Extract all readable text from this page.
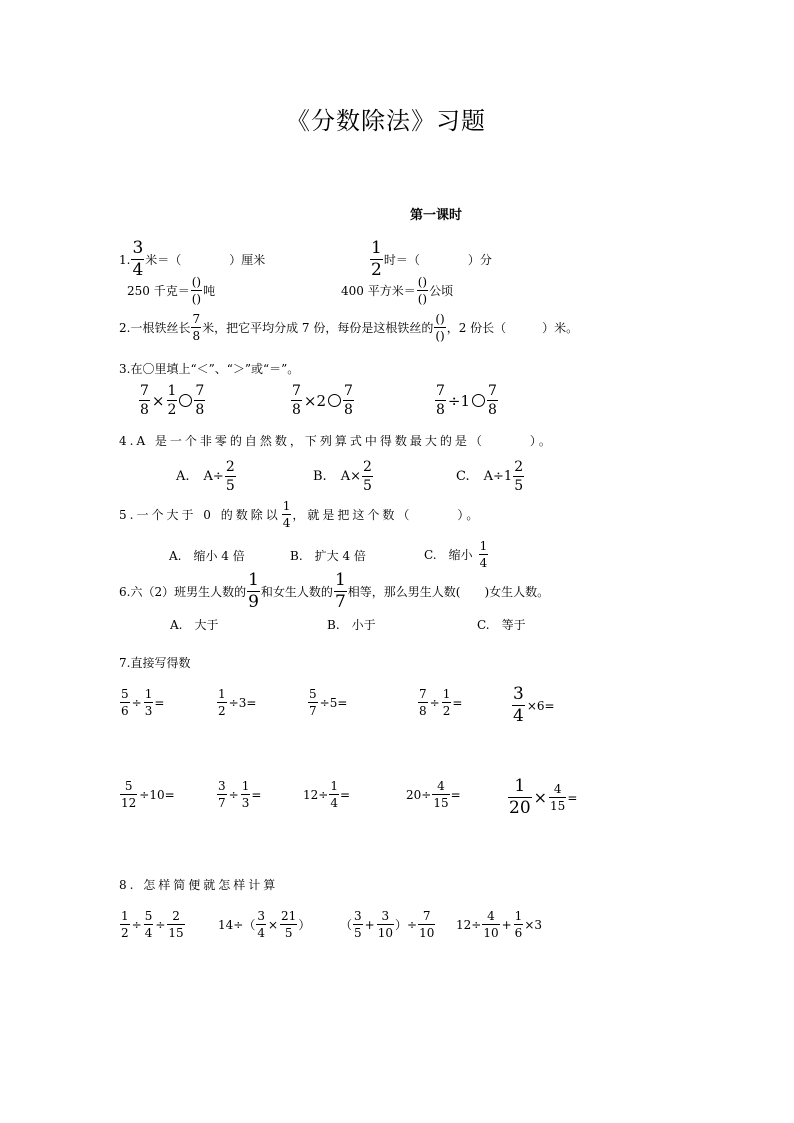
《分数除法》习题
第一课时
1. $\frac{3}{4}$ 米＝（　　　　）厘米	$\frac{1}{2}$ 时＝（　　　　）分
250 千克＝ $\frac{()}{()}$ 吨	400 平方米＝ $\frac{()}{()}$ 公顷
2.一根铁丝长 $\frac{7}{8}$ 米，把它平均分成 7 份，每份是这根铁丝的 $\frac{()}{()}$ ，2 份长（　　　）米。
3.在〇里填上“＜”、“＞”或“＝”。
$\frac{7}{8} \times \frac{1}{2} \frac{7}{8}$	$\frac{7}{8} \times 2 \frac{7}{8}$	$\frac{7}{8} \div 1 \frac{7}{8}$
4.A 是一个非零的自然数，下列算式中得数最大的是（　　　）。
A. $A\div \frac{2}{5}$	B. $A\times \frac{2}{5}$	C. $A\div 1 \frac{2}{5}$
5.一个大于 0 的数除以 $\frac{1}{4}$ ，就是把这个数（　　　）。
A.　缩小 4 倍	B.　扩大 4 倍	C.　缩小 $\frac{1}{4}$
6.六（2）班男生人数的 $\frac{1}{9}$ 和女生人数的 $\frac{1}{7}$ 相等，那么男生人数(　　)女生人数。
A.　大于	B.　小于	C.　等于
7.直接写得数
$\frac{5}{6} \div \frac{1}{3}$ =	$\frac{1}{2} \div 3=$	$\frac{5}{7} \div 5=$	$\frac{7}{8} \div \frac{1}{2}$ =	$\frac{3}{4} \times 6=$
$\frac{5}{12} \div 10=$	$\frac{3}{7} \div \frac{1}{3}$ =	$12\div \frac{1}{4}$ =	$20\div \frac{4}{15}$ =	$\frac{1}{20} \times \frac{4}{15}$ =
8. 怎样简便就怎样计算
$\frac{1}{2} \div \frac{5}{4} \div \frac{2}{15}$	$14\div( \frac{3}{4} \times \frac{21}{5}$ ） （ $\frac{3}{5} + \frac{3}{10}$ ）÷ $\frac{7}{10} 12\div \frac{4}{10} + \frac{1}{6} \times 3$
